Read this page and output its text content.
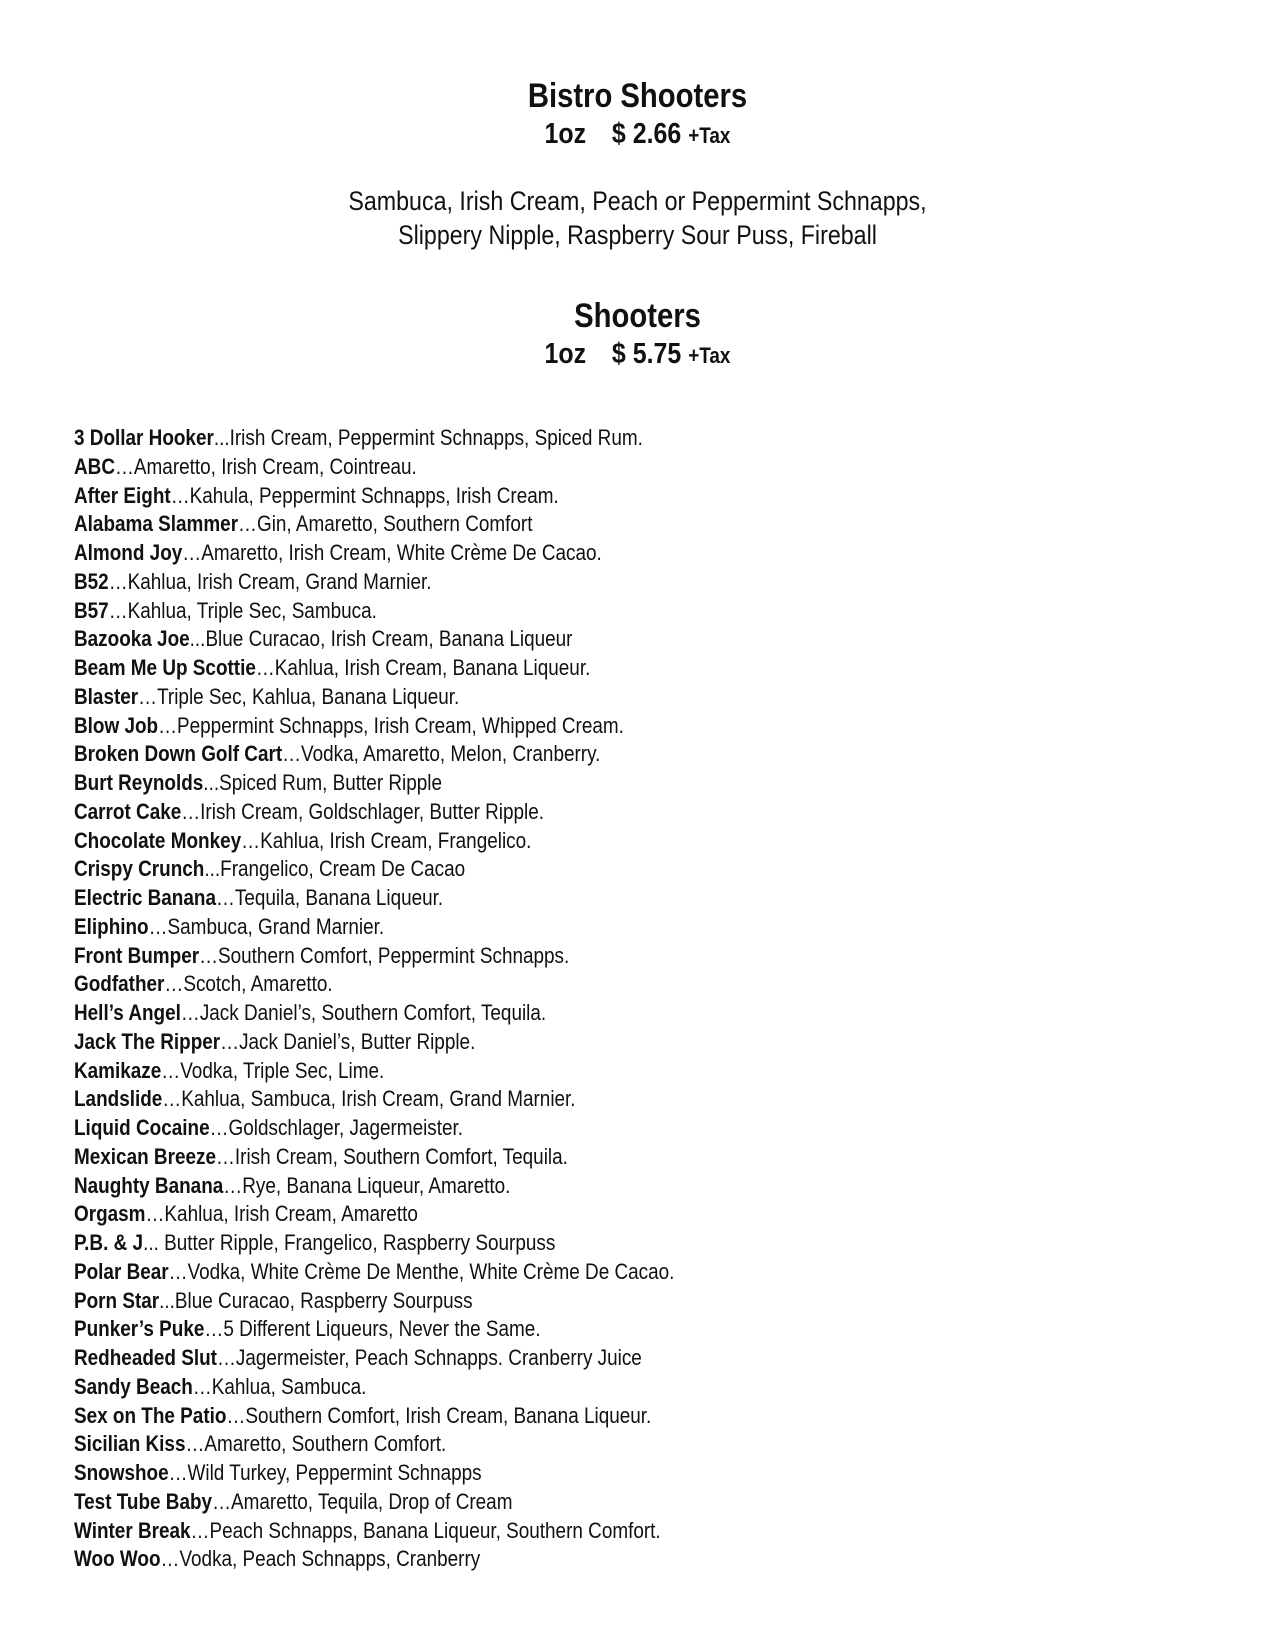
Bistro Shooters
1oz $ 2.66 +Tax
Sambuca, Irish Cream, Peach or Peppermint Schnapps,
Slippery Nipple, Raspberry Sour Puss, Fireball
Shooters
1oz $ 5.75 +Tax
3 Dollar Hooker...Irish Cream, Peppermint Schnapps, Spiced Rum.
ABC…Amaretto, Irish Cream, Cointreau.
After Eight…Kahula, Peppermint Schnapps, Irish Cream.
Alabama Slammer…Gin, Amaretto, Southern Comfort
Almond Joy…Amaretto, Irish Cream, White Crème De Cacao.
B52…Kahlua, Irish Cream, Grand Marnier.
B57…Kahlua, Triple Sec, Sambuca.
Bazooka Joe...Blue Curacao, Irish Cream, Banana Liqueur
Beam Me Up Scottie…Kahlua, Irish Cream, Banana Liqueur.
Blaster…Triple Sec, Kahlua, Banana Liqueur.
Blow Job…Peppermint Schnapps, Irish Cream, Whipped Cream.
Broken Down Golf Cart…Vodka, Amaretto, Melon, Cranberry.
Burt Reynolds...Spiced Rum, Butter Ripple
Carrot Cake…Irish Cream, Goldschlager, Butter Ripple.
Chocolate Monkey…Kahlua, Irish Cream, Frangelico.
Crispy Crunch...Frangelico, Cream De Cacao
Electric Banana…Tequila, Banana Liqueur.
Eliphino…Sambuca, Grand Marnier.
Front Bumper…Southern Comfort, Peppermint Schnapps.
Godfather…Scotch, Amaretto.
Hell’s Angel…Jack Daniel’s, Southern Comfort, Tequila.
Jack The Ripper…Jack Daniel’s, Butter Ripple.
Kamikaze…Vodka, Triple Sec, Lime.
Landslide…Kahlua, Sambuca, Irish Cream, Grand Marnier.
Liquid Cocaine…Goldschlager, Jagermeister.
Mexican Breeze…Irish Cream, Southern Comfort, Tequila.
Naughty Banana…Rye, Banana Liqueur, Amaretto.
Orgasm…Kahlua, Irish Cream, Amaretto
P.B. & J... Butter Ripple, Frangelico, Raspberry Sourpuss
Polar Bear…Vodka, White Crème De Menthe, White Crème De Cacao.
Porn Star...Blue Curacao, Raspberry Sourpuss
Punker’s Puke…5 Different Liqueurs, Never the Same.
Redheaded Slut…Jagermeister, Peach Schnapps. Cranberry Juice
Sandy Beach…Kahlua, Sambuca.
Sex on The Patio…Southern Comfort, Irish Cream, Banana Liqueur.
Sicilian Kiss…Amaretto, Southern Comfort.
Snowshoe…Wild Turkey, Peppermint Schnapps
Test Tube Baby…Amaretto, Tequila, Drop of Cream
Winter Break…Peach Schnapps, Banana Liqueur, Southern Comfort.
Woo Woo…Vodka, Peach Schnapps, Cranberry
